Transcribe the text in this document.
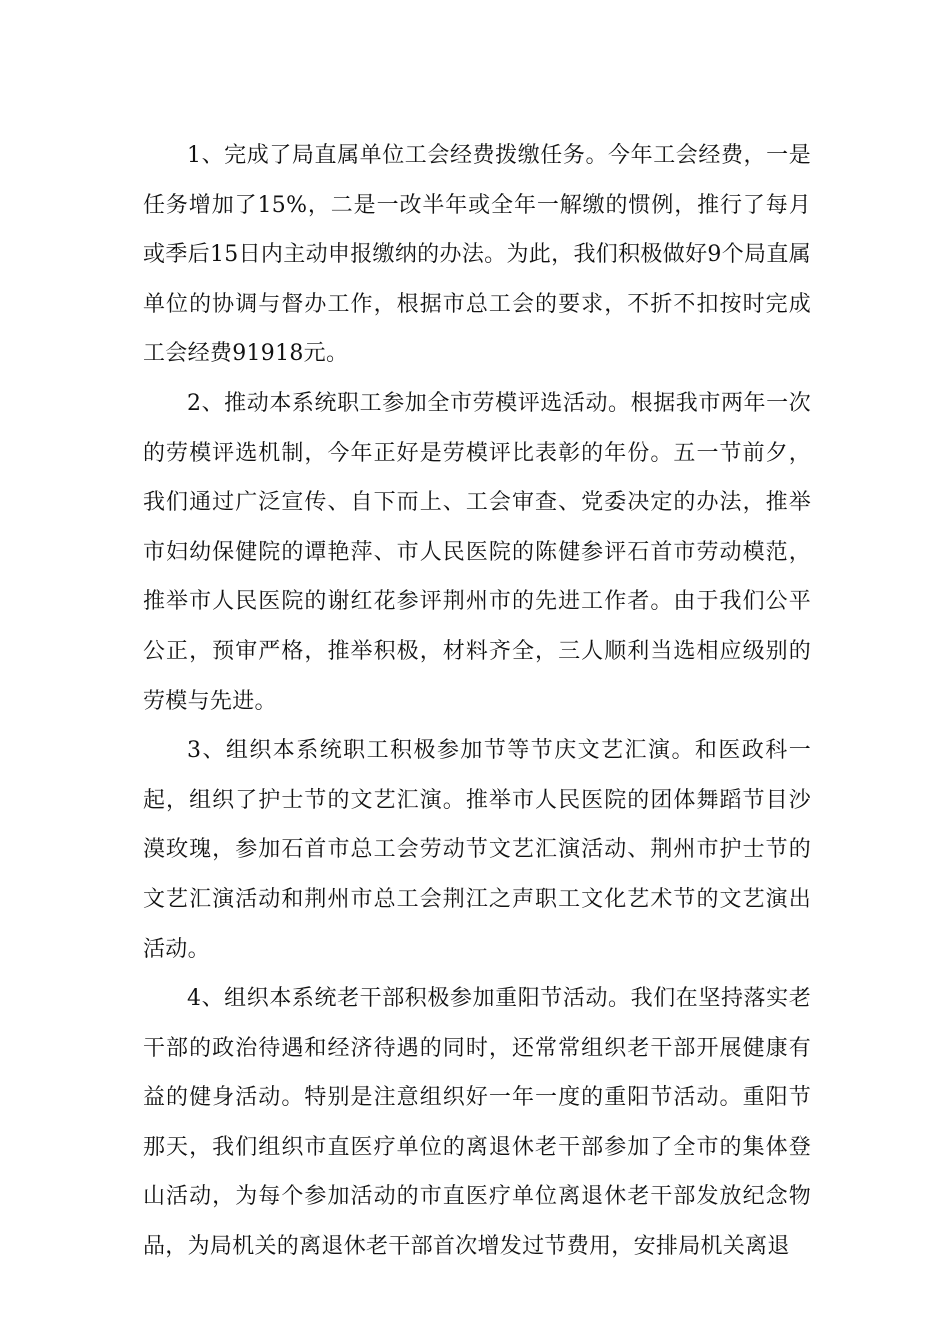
1、完成了局直属单位工会经费拨缴任务。今年工会经费，一是任务增加了15%，二是一改半年或全年一解缴的惯例，推行了每月或季后15日内主动申报缴纳的办法。为此，我们积极做好9个局直属单位的协调与督办工作，根据市总工会的要求，不折不扣按时完成工会经费91918元。

2、推动本系统职工参加全市劳模评选活动。根据我市两年一次的劳模评选机制，今年正好是劳模评比表彰的年份。五一节前夕，我们通过广泛宣传、自下而上、工会审查、党委决定的办法，推举市妇幼保健院的谭艳萍、市人民医院的陈健参评石首市劳动模范，推举市人民医院的谢红花参评荆州市的先进工作者。由于我们公平公正，预审严格，推举积极，材料齐全，三人顺利当选相应级别的劳模与先进。

3、组织本系统职工积极参加节等节庆文艺汇演。和医政科一起，组织了护士节的文艺汇演。推举市人民医院的团体舞蹈节目沙漠玫瑰，参加石首市总工会劳动节文艺汇演活动、荆州市护士节的文艺汇演活动和荆州市总工会荆江之声职工文化艺术节的文艺演出活动。

4、组织本系统老干部积极参加重阳节活动。我们在坚持落实老干部的政治待遇和经济待遇的同时，还常常组织老干部开展健康有益的健身活动。特别是注意组织好一年一度的重阳节活动。重阳节那天，我们组织市直医疗单位的离退休老干部参加了全市的集体登山活动，为每个参加活动的市直医疗单位离退休老干部发放纪念物品，为局机关的离退休老干部首次增发过节费用，安排局机关离退
